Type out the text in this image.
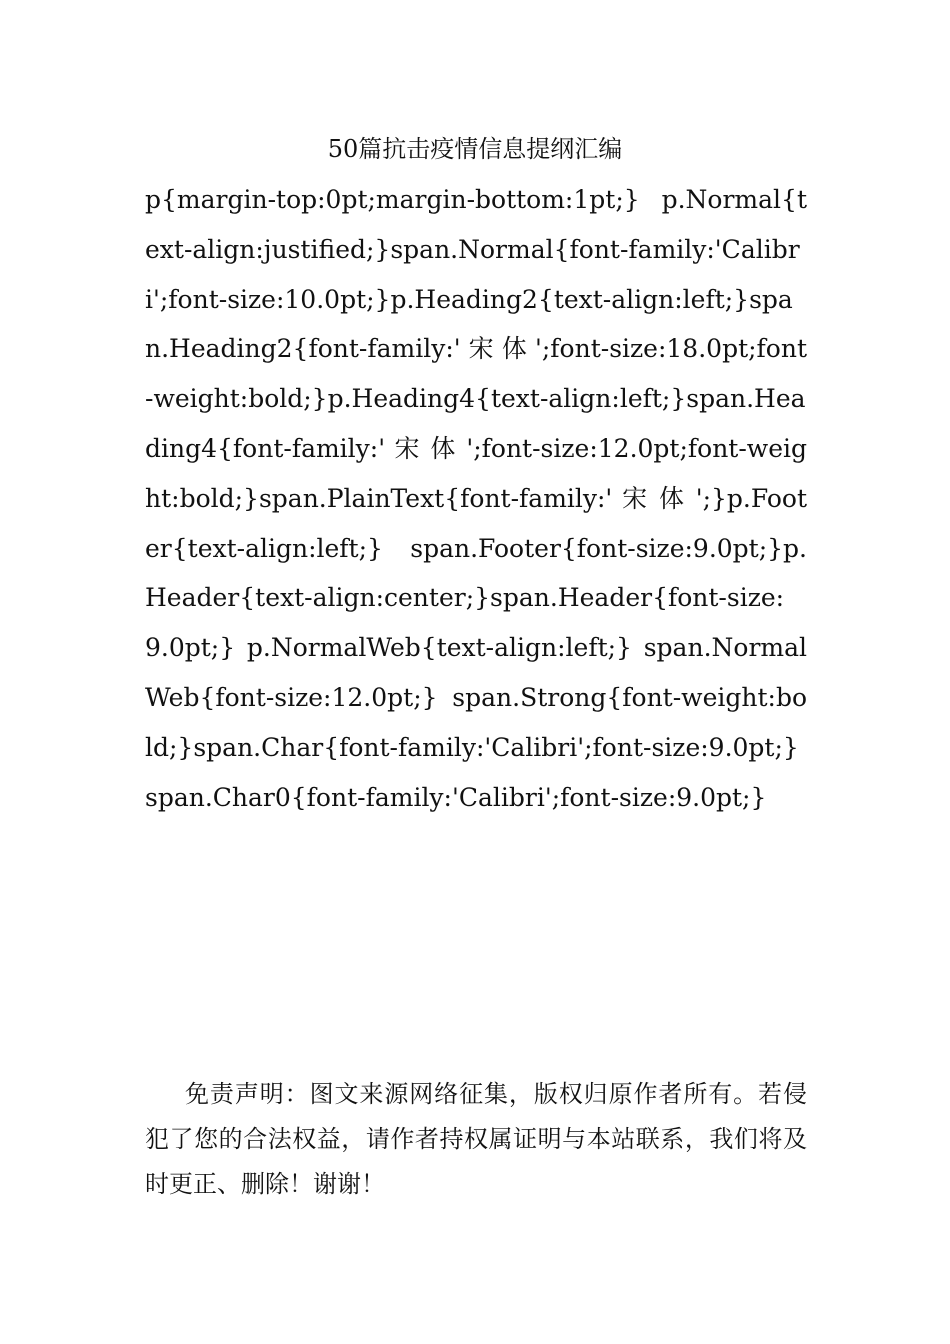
50篇抗击疫情信息提纲汇编

p{margin-top:0pt;margin-bottom:1pt;} p.Normal{text-align:justified;}span.Normal{font-family:'Calibri';font-size:10.0pt;}p.Heading2{text-align:left;}span.Heading2{font-family:' 宋 体 ';font-size:18.0pt;font-weight:bold;}p.Heading4{text-align:left;}span.Heading4{font-family:' 宋 体 ';font-size:12.0pt;font-weight:bold;}span.PlainText{font-family:' 宋 体 ';}p.Footer{text-align:left;} span.Footer{font-size:9.0pt;}p.Header{text-align:center;}span.Header{font-size:9.0pt;} p.NormalWeb{text-align:left;} span.NormalWeb{font-size:12.0pt;} span.Strong{font-weight:bold;}span.Char{font-family:'Calibri';font-size:9.0pt;}span.Char0{font-family:'Calibri';font-size:9.0pt;}

免责声明：图文来源网络征集，版权归原作者所有。若侵犯了您的合法权益，请作者持权属证明与本站联系，我们将及时更正、删除！谢谢！
